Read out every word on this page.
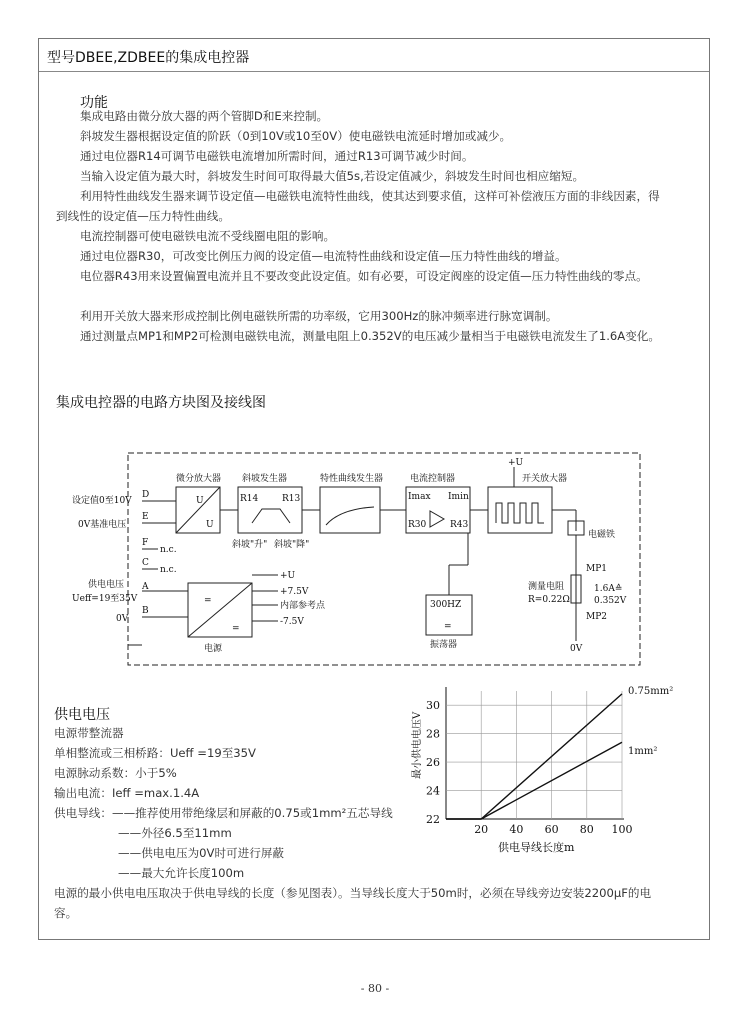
型号DBEE,ZDBEE的集成电控器
功能
集成电路由微分放大器的两个管脚D和E来控制。
斜坡发生器根据设定值的阶跃（0到10V或10至0V）使电磁铁电流延时增加或减少。
通过电位器R14可调节电磁铁电流增加所需时间，通过R13可调节减少时间。
当输入设定值为最大时，斜坡发生时间可取得最大值5s,若设定值减少，斜坡发生时间也相应缩短。
利用特性曲线发生器来调节设定值—电磁铁电流特性曲线，使其达到要求值，这样可补偿液压方面的非线因素，得到线性的设定值—压力特性曲线。
电流控制器可使电磁铁电流不受线圈电阻的影响。
通过电位器R30，可改变比例压力阀的设定值—电流特性曲线和设定值—压力特性曲线的增益。
电位器R43用来设置偏置电流并且不要改变此设定值。如有必要，可设定阀座的设定值—压力特性曲线的零点。
利用开关放大器来形成控制比例电磁铁所需的功率级，它用300Hz的脉冲频率进行脉宽调制。
通过测量点MP1和MP2可检测电磁铁电流，测量电阻上0.352V的电压减少量相当于电磁铁电流发生了1.6A变化。
集成电控器的电路方块图及接线图
微分放大器 斜坡发生器	特性曲线发生器	电流控制器	开关放大器
U
U
R14	R13
斜坡"升" 斜坡"降"
Imax Imin
R30	R43
+U
电磁铁
MP1
测量电阻
R=0.22Ω
1.6A≙
0.352V
MP2
0V
300HZ
=
振荡器
=
=
电源
+U
+7.5V
内部参考点
-7.5V
设定值0至10V
0V基准电压
供电电压
Ueff=19至35V
0V
D
E
F
C
A
B
n.c.
n.c.
供电电压
电源带整流器
单相整流或三相桥路：Ueff =19至35V
电源脉动系数：小于5%
输出电流：Ieff =max.1.4A
供电导线：——推荐使用带绝缘层和屏蔽的0.75或1mm²五芯导线
——外径6.5至11mm
——供电电压为0V时可进行屏蔽
——最大允许长度100m
电源的最小供电电压取决于供电导线的长度（参见图表）。当导线长度大于50m时，必须在导线旁边安装2200μF的电容。
22
24
26
28
30
20 40 60 80 100
0.75mm²
1mm²
最小供电电压V
供电导线长度m
- 80 -
